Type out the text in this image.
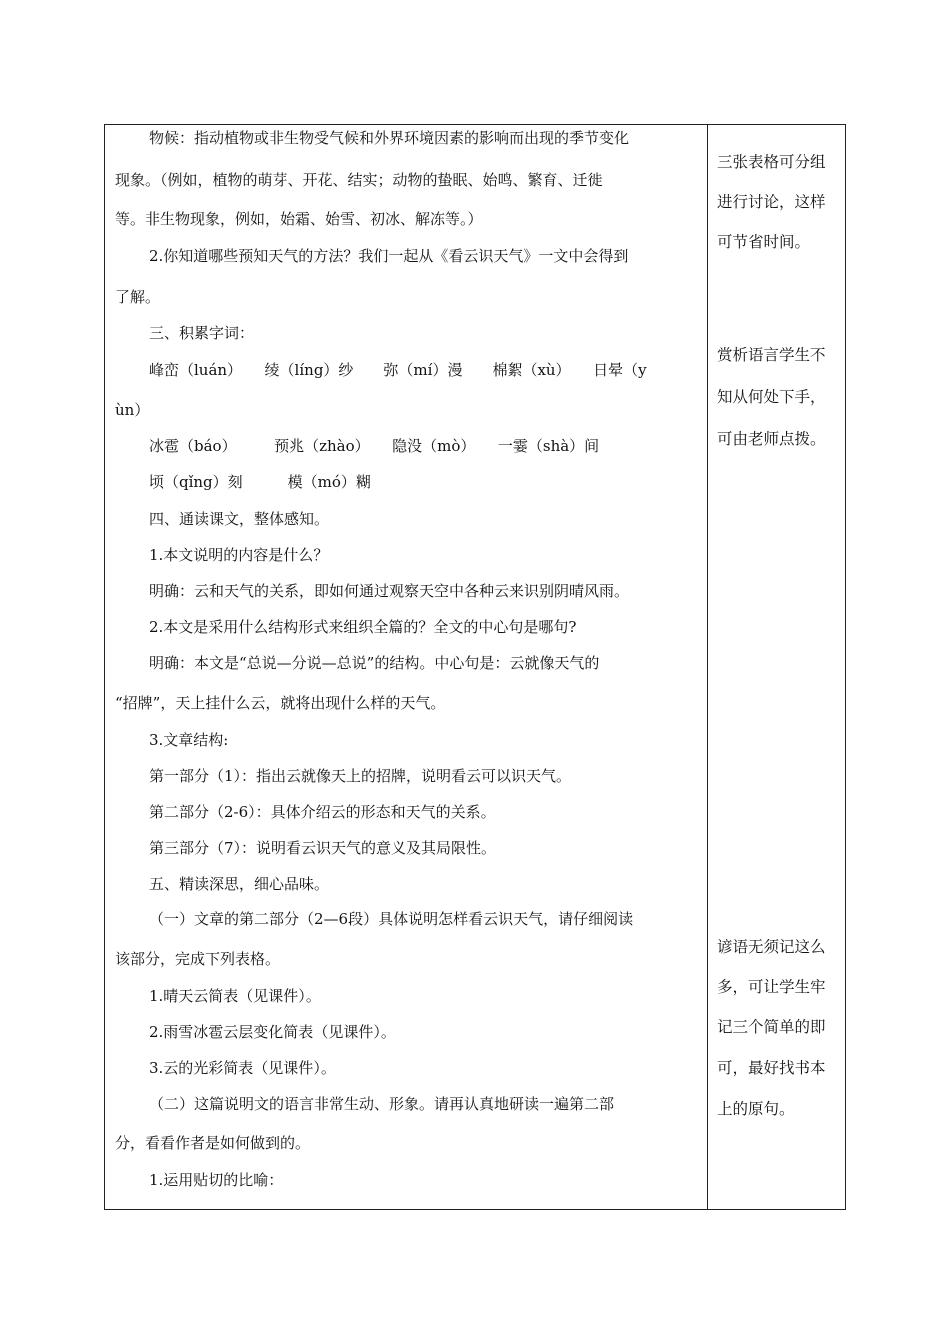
物候：指动植物或非生物受气候和外界环境因素的影响而出现的季节变化
现象。（例如，植物的萌芽、开花、结实；动物的蛰眠、始鸣、繁育、迁徙
等。非生物现象，例如，始霜、始雪、初冰、解冻等。）
2.你知道哪些预知天气的方法？我们一起从《看云识天气》一文中会得到
了解。
三、积累字词：
峰峦（luán）　　绫（líng）纱　　弥（mí）漫　　棉絮（xù）　　日晕（y
ùn）
冰雹（báo）　　　预兆（zhào）　　隐没（mò）　　一霎（shà）间
顷（qǐng）刻　　　模（mó）糊
四、通读课文，整体感知。
1.本文说明的内容是什么？
明确：云和天气的关系，即如何通过观察天空中各种云来识别阴晴风雨。
2.本文是采用什么结构形式来组织全篇的？全文的中心句是哪句?
明确：本文是“总说—分说—总说”的结构。中心句是：云就像天气的
“招牌”，天上挂什么云，就将出现什么样的天气。
3.文章结构:
第一部分（1）：指出云就像天上的招牌，说明看云可以识天气。
第二部分（2-6）：具体介绍云的形态和天气的关系。
第三部分（7）：说明看云识天气的意义及其局限性。
五、精读深思，细心品味。
（一）文章的第二部分（2—6段）具体说明怎样看云识天气，请仔细阅读
该部分，完成下列表格。
1.晴天云简表（见课件）。
2.雨雪冰雹云层变化简表（见课件）。
3.云的光彩简表（见课件）。
（二）这篇说明文的语言非常生动、形象。请再认真地研读一遍第二部
分，看看作者是如何做到的。
1.运用贴切的比喻：
三张表格可分组
进行讨论，这样
可节省时间。
赏析语言学生不
知从何处下手，
可由老师点拨。
谚语无须记这么
多，可让学生牢
记三个简单的即
可，最好找书本
上的原句。
